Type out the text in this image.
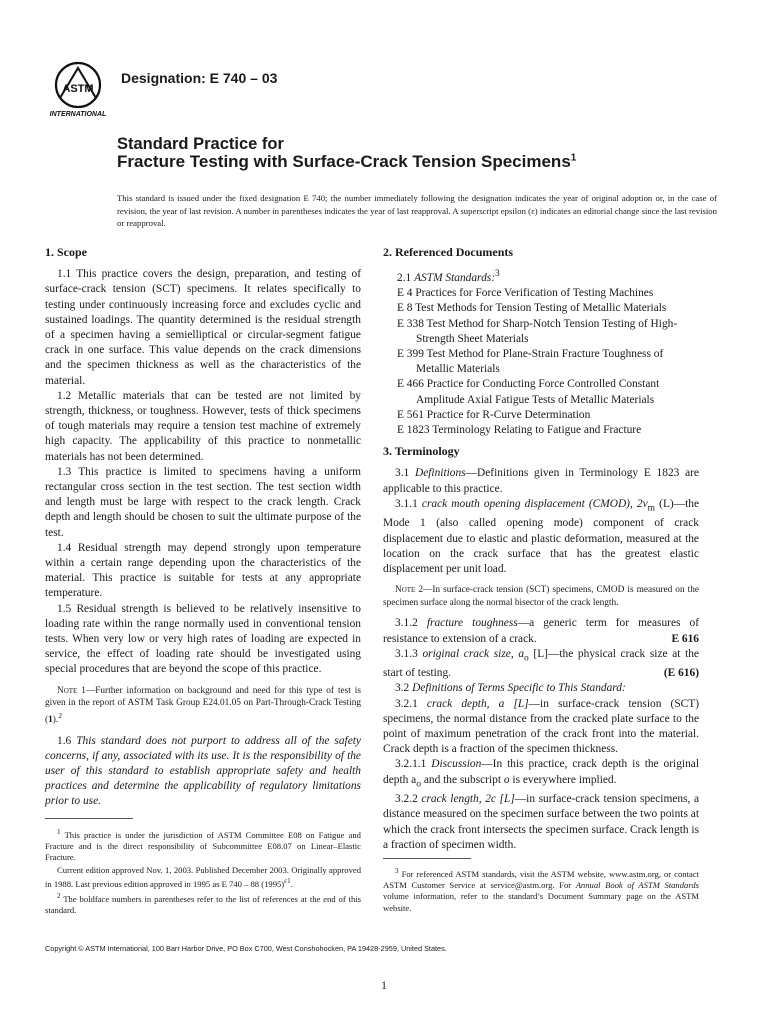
ASTM
INTERNATIONAL
Designation: E 740 – 03
Standard Practice for
Fracture Testing with Surface-Crack Tension Specimens$^1$
This standard is issued under the fixed designation E 740; the number immediately following the designation indicates the year of original adoption or, in the case of revision, the year of last revision. A number in parentheses indicates the year of last reapproval. A superscript epsilon (ε) indicates an editorial change since the last revision or reapproval.
1. Scope

1.1 This practice covers the design, preparation, and testing of surface-crack tension (SCT) specimens. It relates specifically to testing under continuously increasing force and excludes cyclic and sustained loadings. The quantity determined is the residual strength of a specimen having a semielliptical or circular-segment fatigue crack in one surface. This value depends on the crack dimensions and the specimen thickness as well as the characteristics of the material.

1.2 Metallic materials that can be tested are not limited by strength, thickness, or toughness. However, tests of thick specimens of tough materials may require a tension test machine of extremely high capacity. The applicability of this practice to nonmetallic materials has not been determined.

1.3 This practice is limited to specimens having a uniform rectangular cross section in the test section. The test section width and length must be large with respect to the crack length. Crack depth and length should be chosen to suit the ultimate purpose of the test.

1.4 Residual strength may depend strongly upon temperature within a certain range depending upon the characteristics of the material. This practice is suitable for tests at any appropriate temperature.

1.5 Residual strength is believed to be relatively insensitive to loading rate within the range normally used in conventional tension tests. When very low or very high rates of loading are expected in service, the effect of loading rate should be investigated using special procedures that are beyond the scope of this practice.

Note 1—Further information on background and need for this type of test is given in the report of ASTM Task Group E24.01.05 on Part-Through-Crack Testing (1).$^2$

1.6 This standard does not purport to address all of the safety concerns, if any, associated with its use. It is the responsibility of the user of this standard to establish appropriate safety and health practices and determine the applicability of regulatory limitations prior to use.

$^1$ This practice is under the jurisdiction of ASTM Committee E08 on Fatigue and Fracture and is the direct responsibility of Subcommittee E08.07 on Linear–Elastic Fracture.

Current edition approved Nov. 1, 2003. Published December 2003. Originally approved in 1988. Last previous edition approved in 1995 as E 740 – 88 $(1995)^{\varepsilon 1}$.

$^2$ The boldface numbers in parentheses refer to the list of references at the end of this standard.

2. Referenced Documents

2.1 ASTM Standards:$^3$

E 4 Practices for Force Verification of Testing Machines

E 8 Test Methods for Tension Testing of Metallic Materials

E 338 Test Method for Sharp-Notch Tension Testing of High-Strength Sheet Materials

E 399 Test Method for Plane-Strain Fracture Toughness of Metallic Materials

E 466 Practice for Conducting Force Controlled Constant Amplitude Axial Fatigue Tests of Metallic Materials

E 561 Practice for R-Curve Determination

E 1823 Terminology Relating to Fatigue and Fracture

3. Terminology

3.1 Definitions—Definitions given in Terminology E 1823 are applicable to this practice.

3.1.1 crack mouth opening displacement (CMOD), $2v_m$ (L)—the Mode 1 (also called opening mode) component of crack displacement due to elastic and plastic deformation, measured at the location on the crack surface that has the greatest elastic displacement per unit load.

Note 2—In surface-crack tension (SCT) specimens, CMOD is measured on the specimen surface along the normal bisector of the crack length.

3.1.2 fracture toughness—a generic term for measures of resistance to extension of a crack.	E 616

3.1.3 original crack size, $a_o$ [L]—the physical crack size at the start of testing.	(E 616)

3.2 Definitions of Terms Specific to This Standard:

3.2.1 crack depth, a [L]—in surface-crack tension (SCT) specimens, the normal distance from the cracked plate surface to the point of maximum penetration of the crack front into the material. Crack depth is a fraction of the specimen thickness.

3.2.1.1 Discussion—In this practice, crack depth is the original depth $a_o$ and the subscript o is everywhere implied.

3.2.2 crack length, 2c [L]—in surface-crack tension specimens, a distance measured on the specimen surface between the two points at which the crack front intersects the specimen surface. Crack length is a fraction of specimen width.

$^3$ For referenced ASTM standards, visit the ASTM website, www.astm.org, or contact ASTM Customer Service at service@astm.org. For Annual Book of ASTM Standards volume information, refer to the standard’s Document Summary page on the ASTM website.

Copyright © ASTM International, 100 Barr Harbor Drive, PO Box C700, West Conshohocken, PA 19428-2959, United States.
1
